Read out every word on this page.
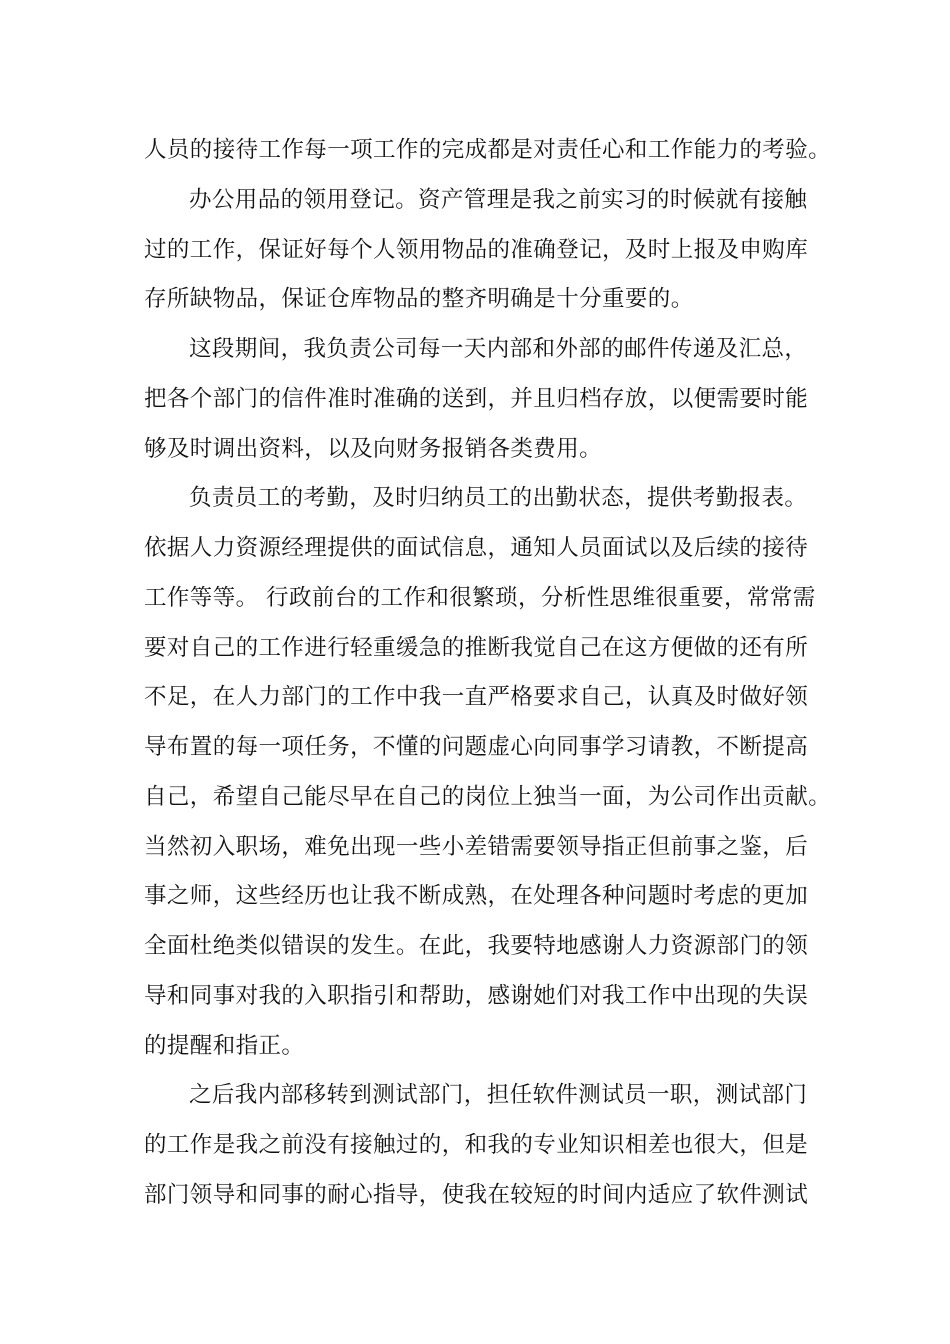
人员的接待工作每一项工作的完成都是对责任心和工作能力的考验。
办公用品的领用登记。资产管理是我之前实习的时候就有接触
过的工作，保证好每个人领用物品的准确登记，及时上报及申购库
存所缺物品，保证仓库物品的整齐明确是十分重要的。
这段期间，我负责公司每一天内部和外部的邮件传递及汇总，
把各个部门的信件准时准确的送到，并且归档存放，以便需要时能
够及时调出资料，以及向财务报销各类费用。
负责员工的考勤，及时归纳员工的出勤状态，提供考勤报表。
依据人力资源经理提供的面试信息，通知人员面试以及后续的接待
工作等等。 行政前台的工作和很繁琐，分析性思维很重要，常常需
要对自己的工作进行轻重缓急的推断我觉自己在这方便做的还有所
不足，在人力部门的工作中我一直严格要求自己，认真及时做好领
导布置的每一项任务，不懂的问题虚心向同事学习请教，不断提高
自己，希望自己能尽早在自己的岗位上独当一面，为公司作出贡献。
当然初入职场，难免出现一些小差错需要领导指正但前事之鉴，后
事之师，这些经历也让我不断成熟，在处理各种问题时考虑的更加
全面杜绝类似错误的发生。在此，我要特地感谢人力资源部门的领
导和同事对我的入职指引和帮助，感谢她们对我工作中出现的失误
的提醒和指正。
之后我内部移转到测试部门，担任软件测试员一职，测试部门
的工作是我之前没有接触过的，和我的专业知识相差也很大，但是
部门领导和同事的耐心指导，使我在较短的时间内适应了软件测试
